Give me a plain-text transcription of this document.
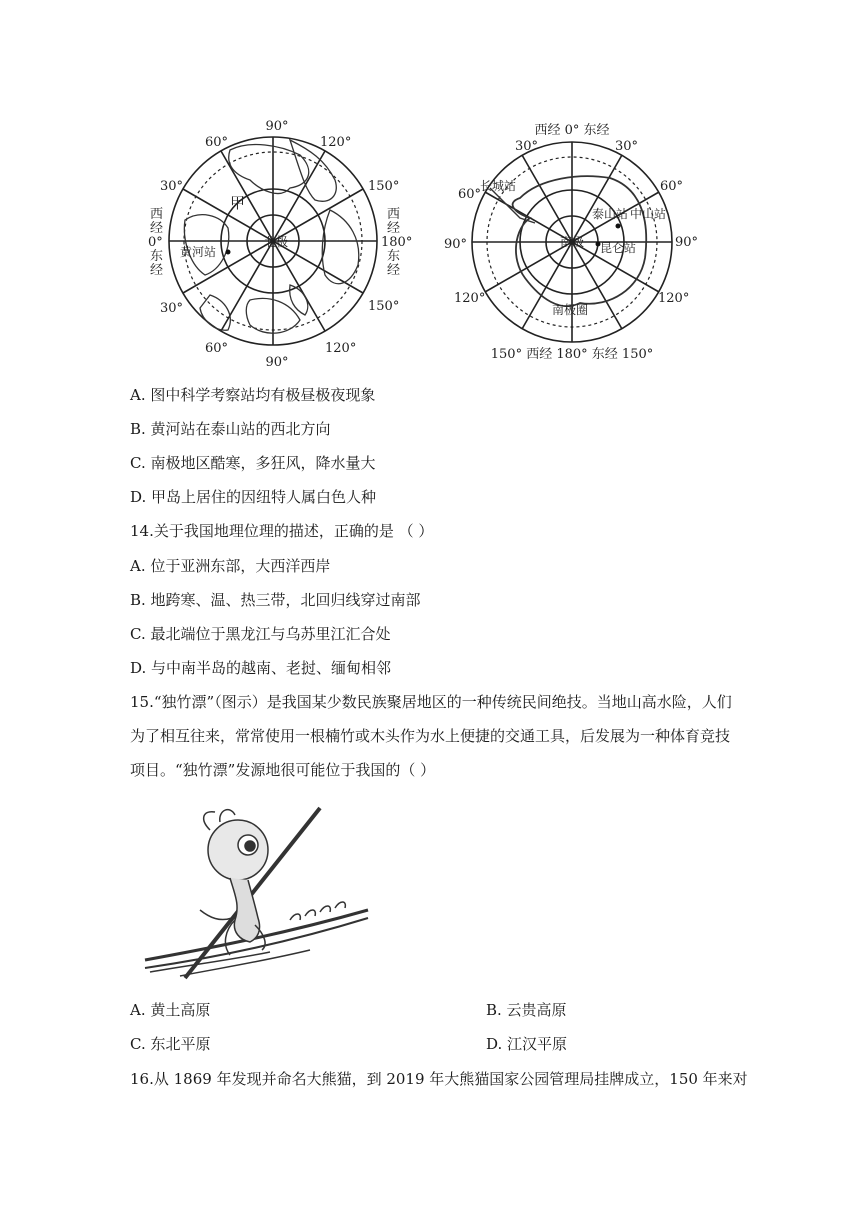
90°
60°	120°
30°
30°
150°
150°
60°
90°
120°
西
经
0°
东
经
西
经
180°
东
经
甲
北极
黄河站
西经 0° 东经
30°	30°
60°
60°
90°	90°
120°	120°
150° 西经 180° 东经 150°
长城站
泰山站 中山站
昆仑站
南极
南极圈
A. 图中科学考察站均有极昼极夜现象
B. 黄河站在泰山站的西北方向
C. 南极地区酷寒，多狂风，降水量大
D. 甲岛上居住的因纽特人属白色人种
14.关于我国地理位理的描述，正确的是 （ ）
A. 位于亚洲东部，大西洋西岸
B. 地跨寒、温、热三带，北回归线穿过南部
C. 最北端位于黑龙江与乌苏里江汇合处
D. 与中南半岛的越南、老挝、缅甸相邻
15.“独竹漂”（图示）是我国某少数民族聚居地区的一种传统民间绝技。当地山高水险，人们为了相互往来，常常使用一根楠竹或木头作为水上便捷的交通工具，后发展为一种体育竞技项目。“独竹漂”发源地很可能位于我国的（ ）
A. 黄土高原	B. 云贵高原
C. 东北平原	D. 江汉平原
16.从 1869 年发现并命名大熊猫，到 2019 年大熊猫国家公园管理局挂牌成立，150 年来对
